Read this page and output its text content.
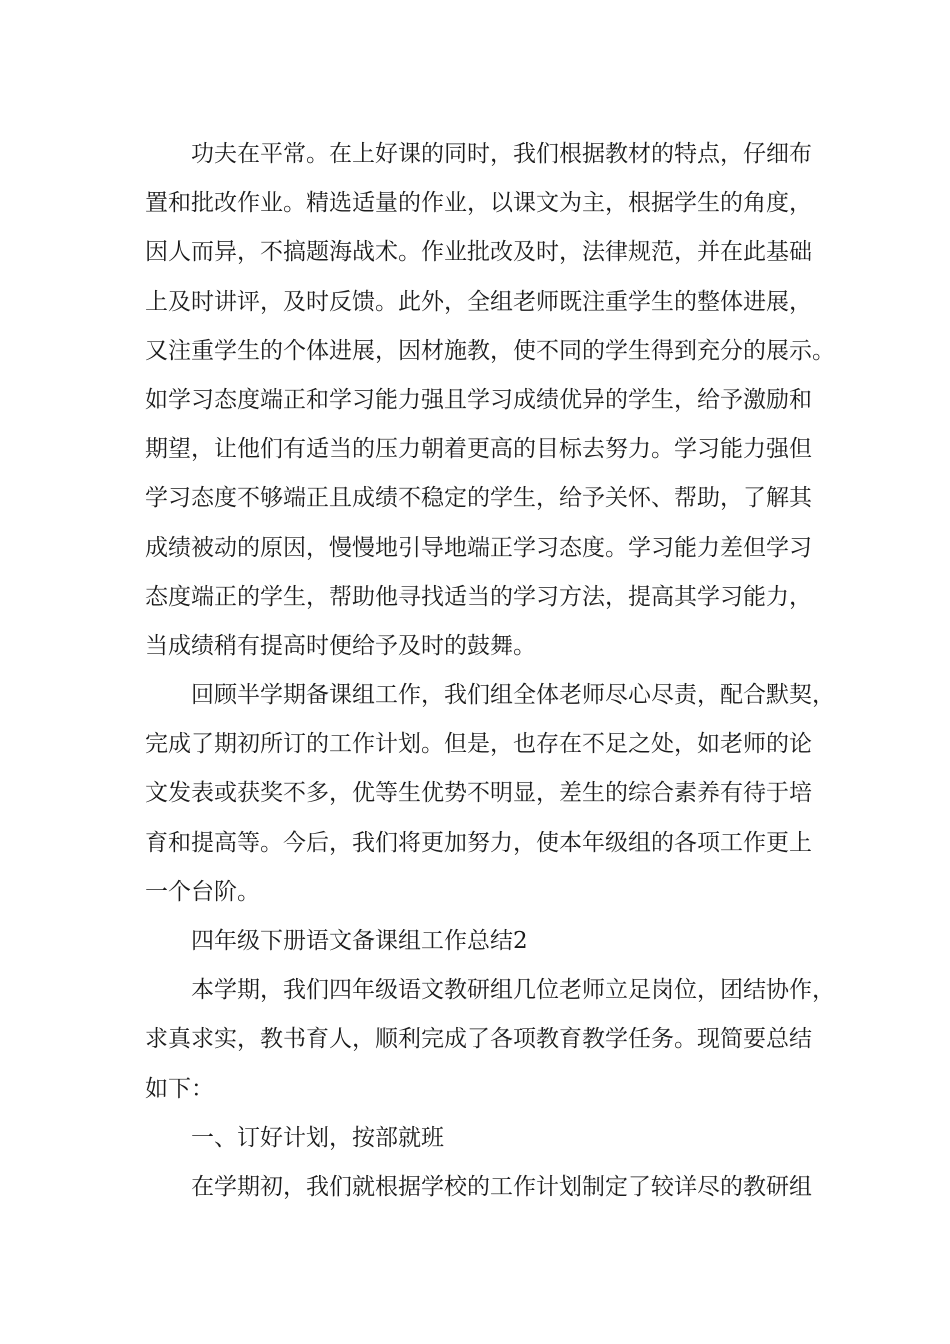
功夫在平常。在上好课的同时，我们根据教材的特点，仔细布
置和批改作业。精选适量的作业，以课文为主，根据学生的角度，
因人而异，不搞题海战术。作业批改及时，法律规范，并在此基础
上及时讲评，及时反馈。此外，全组老师既注重学生的整体进展，
又注重学生的个体进展，因材施教，使不同的学生得到充分的展示。
如学习态度端正和学习能力强且学习成绩优异的学生，给予激励和
期望，让他们有适当的压力朝着更高的目标去努力。学习能力强但
学习态度不够端正且成绩不稳定的学生，给予关怀、帮助，了解其
成绩被动的原因，慢慢地引导地端正学习态度。学习能力差但学习
态度端正的学生，帮助他寻找适当的学习方法，提高其学习能力，
当成绩稍有提高时便给予及时的鼓舞。
回顾半学期备课组工作，我们组全体老师尽心尽责，配合默契，
完成了期初所订的工作计划。但是，也存在不足之处，如老师的论
文发表或获奖不多，优等生优势不明显，差生的综合素养有待于培
育和提高等。今后，我们将更加努力，使本年级组的各项工作更上
一个台阶。
四年级下册语文备课组工作总结2
本学期，我们四年级语文教研组几位老师立足岗位，团结协作，
求真求实，教书育人，顺利完成了各项教育教学任务。现简要总结
如下：
一、订好计划，按部就班
在学期初，我们就根据学校的工作计划制定了较详尽的教研组
